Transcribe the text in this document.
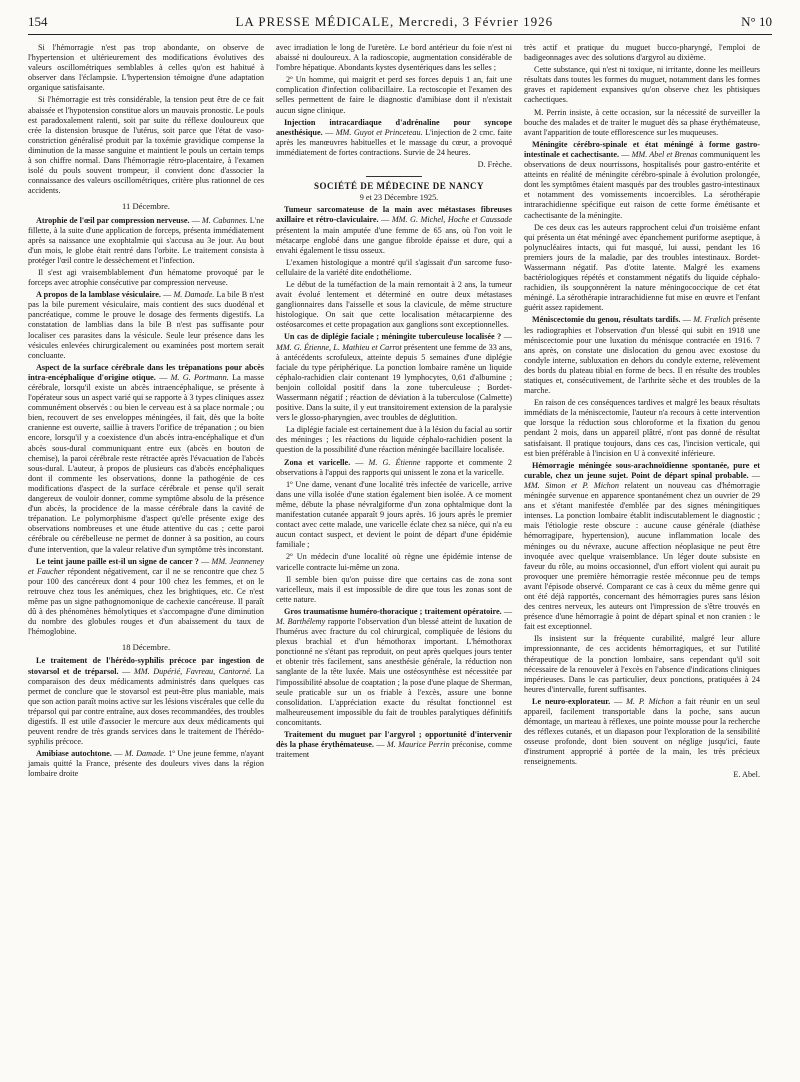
154	LA PRESSE MÉDICALE, Mercredi, 3 Février 1926	N° 10

Si l'hémorragie n'est pas trop abondante, on observe de l'hypertension et ultérieurement des modifications évolutives des valeurs oscillométriques semblables à celles qu'on est habitué à observer dans l'éclampsie. L'hypertension témoigne d'une adaptation organique satisfaisante.

Si l'hémorragie est très considérable, la tension peut être de ce fait abaissée et l'hypotension constitue alors un mauvais pronostic. Le pouls est paradoxalement ralenti, soit par suite du réflexe douloureux que crée la distension brusque de l'utérus, soit parce que l'état de vaso-constriction généralisé produit par la toxémie gravidique compense la diminution de la masse sanguine et maintient le pouls un certain temps à son chiffre normal. Dans l'hémorragie rétro-placentaire, à l'examen isolé du pouls souvent trompeur, il convient donc d'associer la connaissance des valeurs oscillométriques, critère plus rationnel de ces accidents.

11 Décembre.

Atrophie de l'œil par compression nerveuse. — M. Cabannes. L'ne fillette, à la suite d'une application de forceps, présenta immédiatement après sa naissance une exophtalmie qui s'accusa au 3e jour. Au bout d'un mois, le globe était rentré dans l'orbite. Le traitement consista à protéger l'œil contre le dessèchement et l'infection.

Il s'est agi vraisemblablement d'un hématome provoqué par le forceps avec atrophie consécutive par compression nerveuse.

A propos de la lamblase vésiculaire. — M. Damade. La bile B n'est pas la bile purement vésiculaire, mais contient des sucs duodénal et pancréatique, comme le prouve le dosage des ferments digestifs. La constatation de lamblias dans la bile B n'est pas suffisante pour localiser ces parasites dans la vésicule. Seule leur présence dans les vésicules enlevées chirurgicalement ou examinées post mortem serait concluante.

Aspect de la surface cérébrale dans les trépanations pour abcès intra-encéphalique d'origine otique. — M. G. Portmann. La masse cérébrale, lorsqu'il existe un abcès intraencéphalique, se présente à l'opérateur sous un aspect varié qui se rapporte à 3 types cliniques assez communément observés : ou bien le cerveau est à sa place normale ; ou bien, recouvert de ses enveloppes méningées, il fait, dès que la boîte cranienne est ouverte, saillie à travers l'orifice de trépanation ; ou bien encore, lorsqu'il y a coexistence d'un abcès intra-encéphalique et d'un abcès sous-dural communiquant entre eux (abcès en bouton de chemise), la paroi cérébrale reste rétractée après l'évacuation de l'abcès sous-dural. L'auteur, à propos de plusieurs cas d'abcès encéphaliques dont il commente les observations, donne la pathogénie de ces modifications d'aspect de la surface cérébrale et pense qu'il serait dangereux de vouloir donner, comme symptôme absolu de la présence d'un abcès, la procidence de la masse cérébrale dans la cavité de trépanation. Le polymorphisme d'aspect qu'elle présente exige des observations nombreuses et une étude attentive du cas ; cette paroi cérébrale ou cérébelleuse ne permet de donner à sa position, au cours d'une intervention, que la valeur relative d'un symptôme très inconstant.

Le teint jaune paille est-il un signe de cancer ? — MM. Jeanneney et Faucher répondent négativement, car il ne se rencontre que chez 5 pour 100 des cancéreux dont 4 pour 100 chez les femmes, et on le retrouve chez tous les anémiques, chez les brightiques, etc. Ce n'est même pas un signe pathognomonique de cachexie cancéreuse. Il paraît dû à des phénomènes hémolytiques et s'accompagne d'une diminution du nombre des globules rouges et d'un abaissement du taux de l'hémoglobine.

18 Décembre.

Le traitement de l'hérédo-syphilis précoce par ingestion de stovarsol et de tréparsol. — MM. Dupérié, Favreau, Cantorné. La comparaison des deux médicaments administrés dans quelques cas permet de conclure que le stovarsol est peut-être plus maniable, mais que son action paraît moins active sur les lésions viscérales que celle du tréparsol qui par contre entraîne, aux doses recommandées, des troubles digestifs. Il est utile d'associer le mercure aux deux médicaments qui peuvent rendre de très grands services dans le traitement de l'hérédo-syphilis précoce.

Amibiase autochtone. — M. Damade. 1º Une jeune femme, n'ayant jamais quitté la France, présente des douleurs vives dans la région lombaire droite

avec irradiation le long de l'uretère. Le bord antérieur du foie n'est ni abaissé ni douloureux. A la radioscopie, augmentation considérable de l'ombre hépatique. Abondants kystes dysentériques dans les selles ;

2º Un homme, qui maigrit et perd ses forces depuis 1 an, fait une complication d'infection colibacillaire. La rectoscopie et l'examen des selles permettent de faire le diagnostic d'amibiase dont il n'existait aucun signe clinique.

Injection intracardiaque d'adrénaline pour syncope anesthésique. — MM. Guyot et Princeteau. L'injection de 2 cmc. faite après les manœuvres habituelles et le massage du cœur, a provoqué immédiatement de fortes contractions. Survie de 24 heures.

D. Frèche.

SOCIÉTÉ DE MÉDECINE DE NANCY

9 et 23 Décembre 1925.

Tumeur sarcomateuse de la main avec métastases fibreuses axillaire et rétro-claviculaire. — MM. G. Michel, Hoche et Caussade présentent la main amputée d'une femme de 65 ans, où l'on voit le métacarpe englobé dans une gangue fibroïde épaisse et dure, qui a envahi également le tissu osseux.

L'examen histologique a montré qu'il s'agissait d'un sarcome fuso-cellulaire de la variété dite endothéliome.

Le début de la tuméfaction de la main remontait à 2 ans, la tumeur avait évolué lentement et déterminé en outre deux métastases ganglionnaires dans l'aisselle et sous la clavicule, de même structure histologique. On sait que cette localisation métacarpienne des ostéosarcomes et cette propagation aux ganglions sont exceptionnelles.

Un cas de diplégie faciale ; méningite tuberculeuse localisée ? — MM. G. Étienne, L. Mathieu et Carrot présentent une femme de 33 ans, à antécédents scrofuleux, atteinte depuis 5 semaines d'une diplégie faciale du type périphérique. La ponction lombaire ramène un liquide céphalo-rachidien clair contenant 19 lymphocytes, 0,61 d'albumine ; benjoin colloïdal positif dans la zone tuberculeuse ; Bordet-Wassermann négatif ; réaction de déviation à la tuberculose (Calmette) positive. Dans la suite, il y eut transitoirement extension de la paralysie vers le glosso-pharyngien, avec troubles de déglutition.

La diplégie faciale est certainement due à la lésion du facial au sortir des méninges ; les réactions du liquide céphalo-rachidien posent la question de la possibilité d'une réaction méningée bacillaire localisée.

Zona et varicelle. — M. G. Étienne rapporte et commente 2 observations à l'appui des rapports qui unissent le zona et la varicelle.

1º Une dame, venant d'une localité très infectée de varicelle, arrive dans une villa isolée d'une station également bien isolée. A ce moment même, débute la phase névralgiforme d'un zona ophtalmique dont la manifestation cutanée apparaît 9 jours après. 16 jours après le premier contact avec cette malade, une varicelle éclate chez sa nièce, qui n'a eu aucun contact suspect, et devient le point de départ d'une épidémie familiale ;

2º Un médecin d'une localité où règne une épidémie intense de varicelle contracte lui-même un zona.

Il semble bien qu'on puisse dire que certains cas de zona sont varicelleux, mais il est impossible de dire que tous les zonas sont de cette nature.

Gros traumatisme huméro-thoracique ; traitement opératoire. — M. Barthélemy rapporte l'observation d'un blessé atteint de luxation de l'humérus avec fracture du col chirurgical, compliquée de lésions du plexus brachial et d'un hémothorax important. L'hémothorax ponctionné ne s'étant pas reproduit, on peut après quelques jours tenter et obtenir très facilement, sans anesthésie générale, la réduction non sanglante de la tête luxée. Mais une ostéosynthèse est nécessitée par l'impossibilité absolue de coaptation ; la pose d'une plaque de Sherman, seule praticable sur un os friable à l'excès, assure une bonne consolidation. L'appréciation exacte du résultat fonctionnel est malheureusement impossible du fait de troubles paralytiques définitifs concomitants.

Traitement du muguet par l'argyrol ; opportunité d'intervenir dès la phase érythémateuse. — M. Maurice Perrin préconise, comme traitement

très actif et pratique du muguet bucco-pharyngé, l'emploi de badigeonnages avec des solutions d'argyrol au dixième.

Cette substance, qui n'est ni toxique, ni irritante, donne les meilleurs résultats dans toutes les formes du muguet, notamment dans les formes graves et rapidement expansives qu'on observe chez les phtisiques cachectiques.

M. Perrin insiste, à cette occasion, sur la nécessité de surveiller la bouche des malades et de traiter le muguet dès sa phase érythémateuse, avant l'apparition de toute efflorescence sur les muqueuses.

Méningite cérébro-spinale et état méningé à forme gastro-intestinale et cachectisante. — MM. Abel et Brenas communiquent les observations de deux nourrissons, hospitalisés pour gastro-entérite et atteints en réalité de méningite cérébro-spinale à évolution prolongée, dont les symptômes étaient masqués par des troubles gastro-intestinaux et notamment des vomissements incoercibles. La sérothérapie intrarachidienne spécifique eut raison de cette forme émétisante et cachectisante de la méningite.

De ces deux cas les auteurs rapprochent celui d'un troisième enfant qui présenta un état méningé avec épanchement puriforme aseptique, à polynucléaires intacts, qui fut masqué, lui aussi, pendant les 16 premiers jours de la maladie, par des troubles intestinaux. Bordet-Wassermann négatif. Pas d'otite latente. Malgré les examens bactériologiques répétés et constamment négatifs du liquide céphalo-rachidien, ils soupçonnèrent la nature méningococcique de cet état méningé. La sérothérapie intrarachidienne fut mise en œuvre et l'enfant guérit assez rapidement.

Méniscectomie du genou, résultats tardifs. — M. Frælich présente les radiographies et l'observation d'un blessé qui subit en 1918 une méniscectomie pour une luxation du ménisque contractée en 1916. 7 ans après, on constate une dislocation du genou avec exostose du condyle interne, subluxation en dehors du condyle externe, relèvement des bords du plateau tibial en forme de becs. Il en résulte des troubles statiques et, consécutivement, de l'arthrite sèche et des troubles de la marche.

En raison de ces conséquences tardives et malgré les beaux résultats immédiats de la méniscectomie, l'auteur n'a recours à cette intervention que lorsque la réduction sous chloroforme et la fixation du genou pendant 2 mois, dans un appareil plâtré, n'ont pas donné de résultat satisfaisant. Il pratique toujours, dans ces cas, l'incision verticale, qui est bien préférable à l'incision en U à convexité inférieure.

Hémorragie méningée sous-arachnoïdienne spontanée, pure et curable, chez un jeune sujet. Point de départ spinal probable. — MM. Simon et P. Michon relatent un nouveau cas d'hémorragie méningée survenue en apparence spontanément chez un ouvrier de 29 ans et s'étant manifestée d'emblée par des signes méningitiques intenses. La ponction lombaire établit indiscutablement le diagnostic ; mais l'étiologie reste obscure : aucune cause générale (diathèse hémorragipare, hypertension), aucune inflammation locale des méninges ou du névraxe, aucune affection néoplasique ne peut être invoquée avec quelque vraisemblance. Un léger doute subsiste en faveur du rôle, au moins occasionnel, d'un effort violent qui aurait pu provoquer une première hémorragie restée méconnue peu de temps avant l'épisode observé. Comparant ce cas à ceux du même genre qui ont été déjà rapportés, concernant des hémorragies pures sans lésion des centres nerveux, les auteurs ont l'impression de s'être trouvés en présence d'une hémorragie à point de départ spinal et non cranien : le fait est exceptionnel.

Ils insistent sur la fréquente curabilité, malgré leur allure impressionnante, de ces accidents hémorragiques, et sur l'utilité thérapeutique de la ponction lombaire, sans cependant qu'il soit nécessaire de la renouveler à l'excès en l'absence d'indications cliniques impérieuses. Dans le cas particulier, deux ponctions, pratiquées à 24 heures d'intervalle, furent suffisantes.

Le neuro-explorateur. — M. P. Michon a fait réunir en un seul appareil, facilement transportable dans la poche, sans aucun démontage, un marteau à réflexes, une pointe mousse pour la recherche des réflexes cutanés, et un diapason pour l'exploration de la sensibilité osseuse profonde, dont bien souvent on néglige jusqu'ici, faute d'instrument approprié à portée de la main, les très précieux renseignements.

E. Abel.
